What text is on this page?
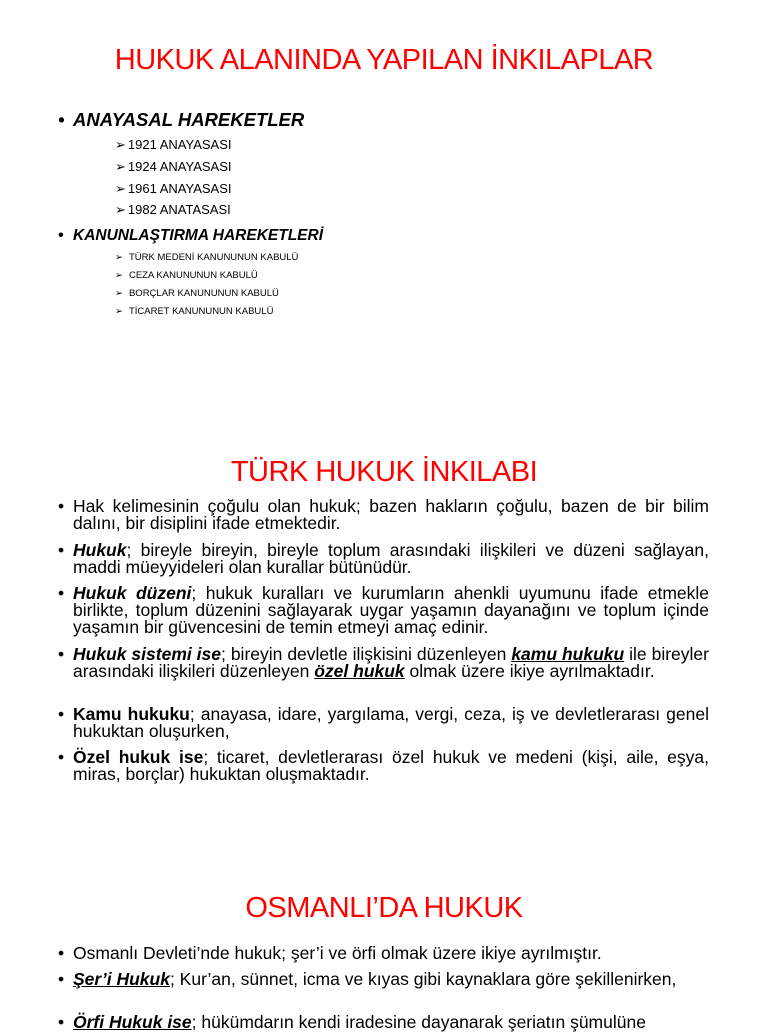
HUKUK ALANINDA YAPILAN İNKILAPLAR
• ANAYASAL HAREKETLER
➢ 1921 ANAYASASI
➢ 1924 ANAYASASI
➢ 1961 ANAYASASI
➢ 1982 ANATASASI
• KANUNLAŞTIRMA HAREKETLERİ
➢ TÜRK MEDENİ KANUNUNUN KABULÜ
➢ CEZA KANUNUNUN KABULÜ
➢ BORÇLAR KANUNUNUN KABULÜ
➢ TİCARET KANUNUNUN KABULÜ
TÜRK HUKUK İNKILABI
• Hak kelimesinin çoğulu olan hukuk; bazen hakların çoğulu, bazen de bir bilim dalını, bir disiplini ifade etmektedir.
• Hukuk; bireyle bireyin, bireyle toplum arasındaki ilişkileri ve düzeni sağlayan, maddi müeyyideleri olan kurallar bütünüdür.
• Hukuk düzeni; hukuk kuralları ve kurumların ahenkli uyumunu ifade etmekle birlikte, toplum düzenini sağlayarak uygar yaşamın dayanağını ve toplum içinde yaşamın bir güvencesini de temin etmeyi amaç edinir.
• Hukuk sistemi ise; bireyin devletle ilişkisini düzenleyen kamu hukuku ile bireyler arasındaki ilişkileri düzenleyen özel hukuk olmak üzere ikiye ayrılmaktadır.
• Kamu hukuku; anayasa, idare, yargılama, vergi, ceza, iş ve devletlerarası genel hukuktan oluşurken,
• Özel hukuk ise; ticaret, devletlerarası özel hukuk ve medeni (kişi, aile, eşya, miras, borçlar) hukuktan oluşmaktadır.
OSMANLI’DA HUKUK
• Osmanlı Devleti’nde hukuk; şer’i ve örfi olmak üzere ikiye ayrılmıştır.
• Şer’i Hukuk; Kur’an, sünnet, icma ve kıyas gibi kaynaklara göre şekillenirken,
• Örfi Hukuk ise; hükümdarın kendi iradesine dayanarak şeriatın şümulüne
